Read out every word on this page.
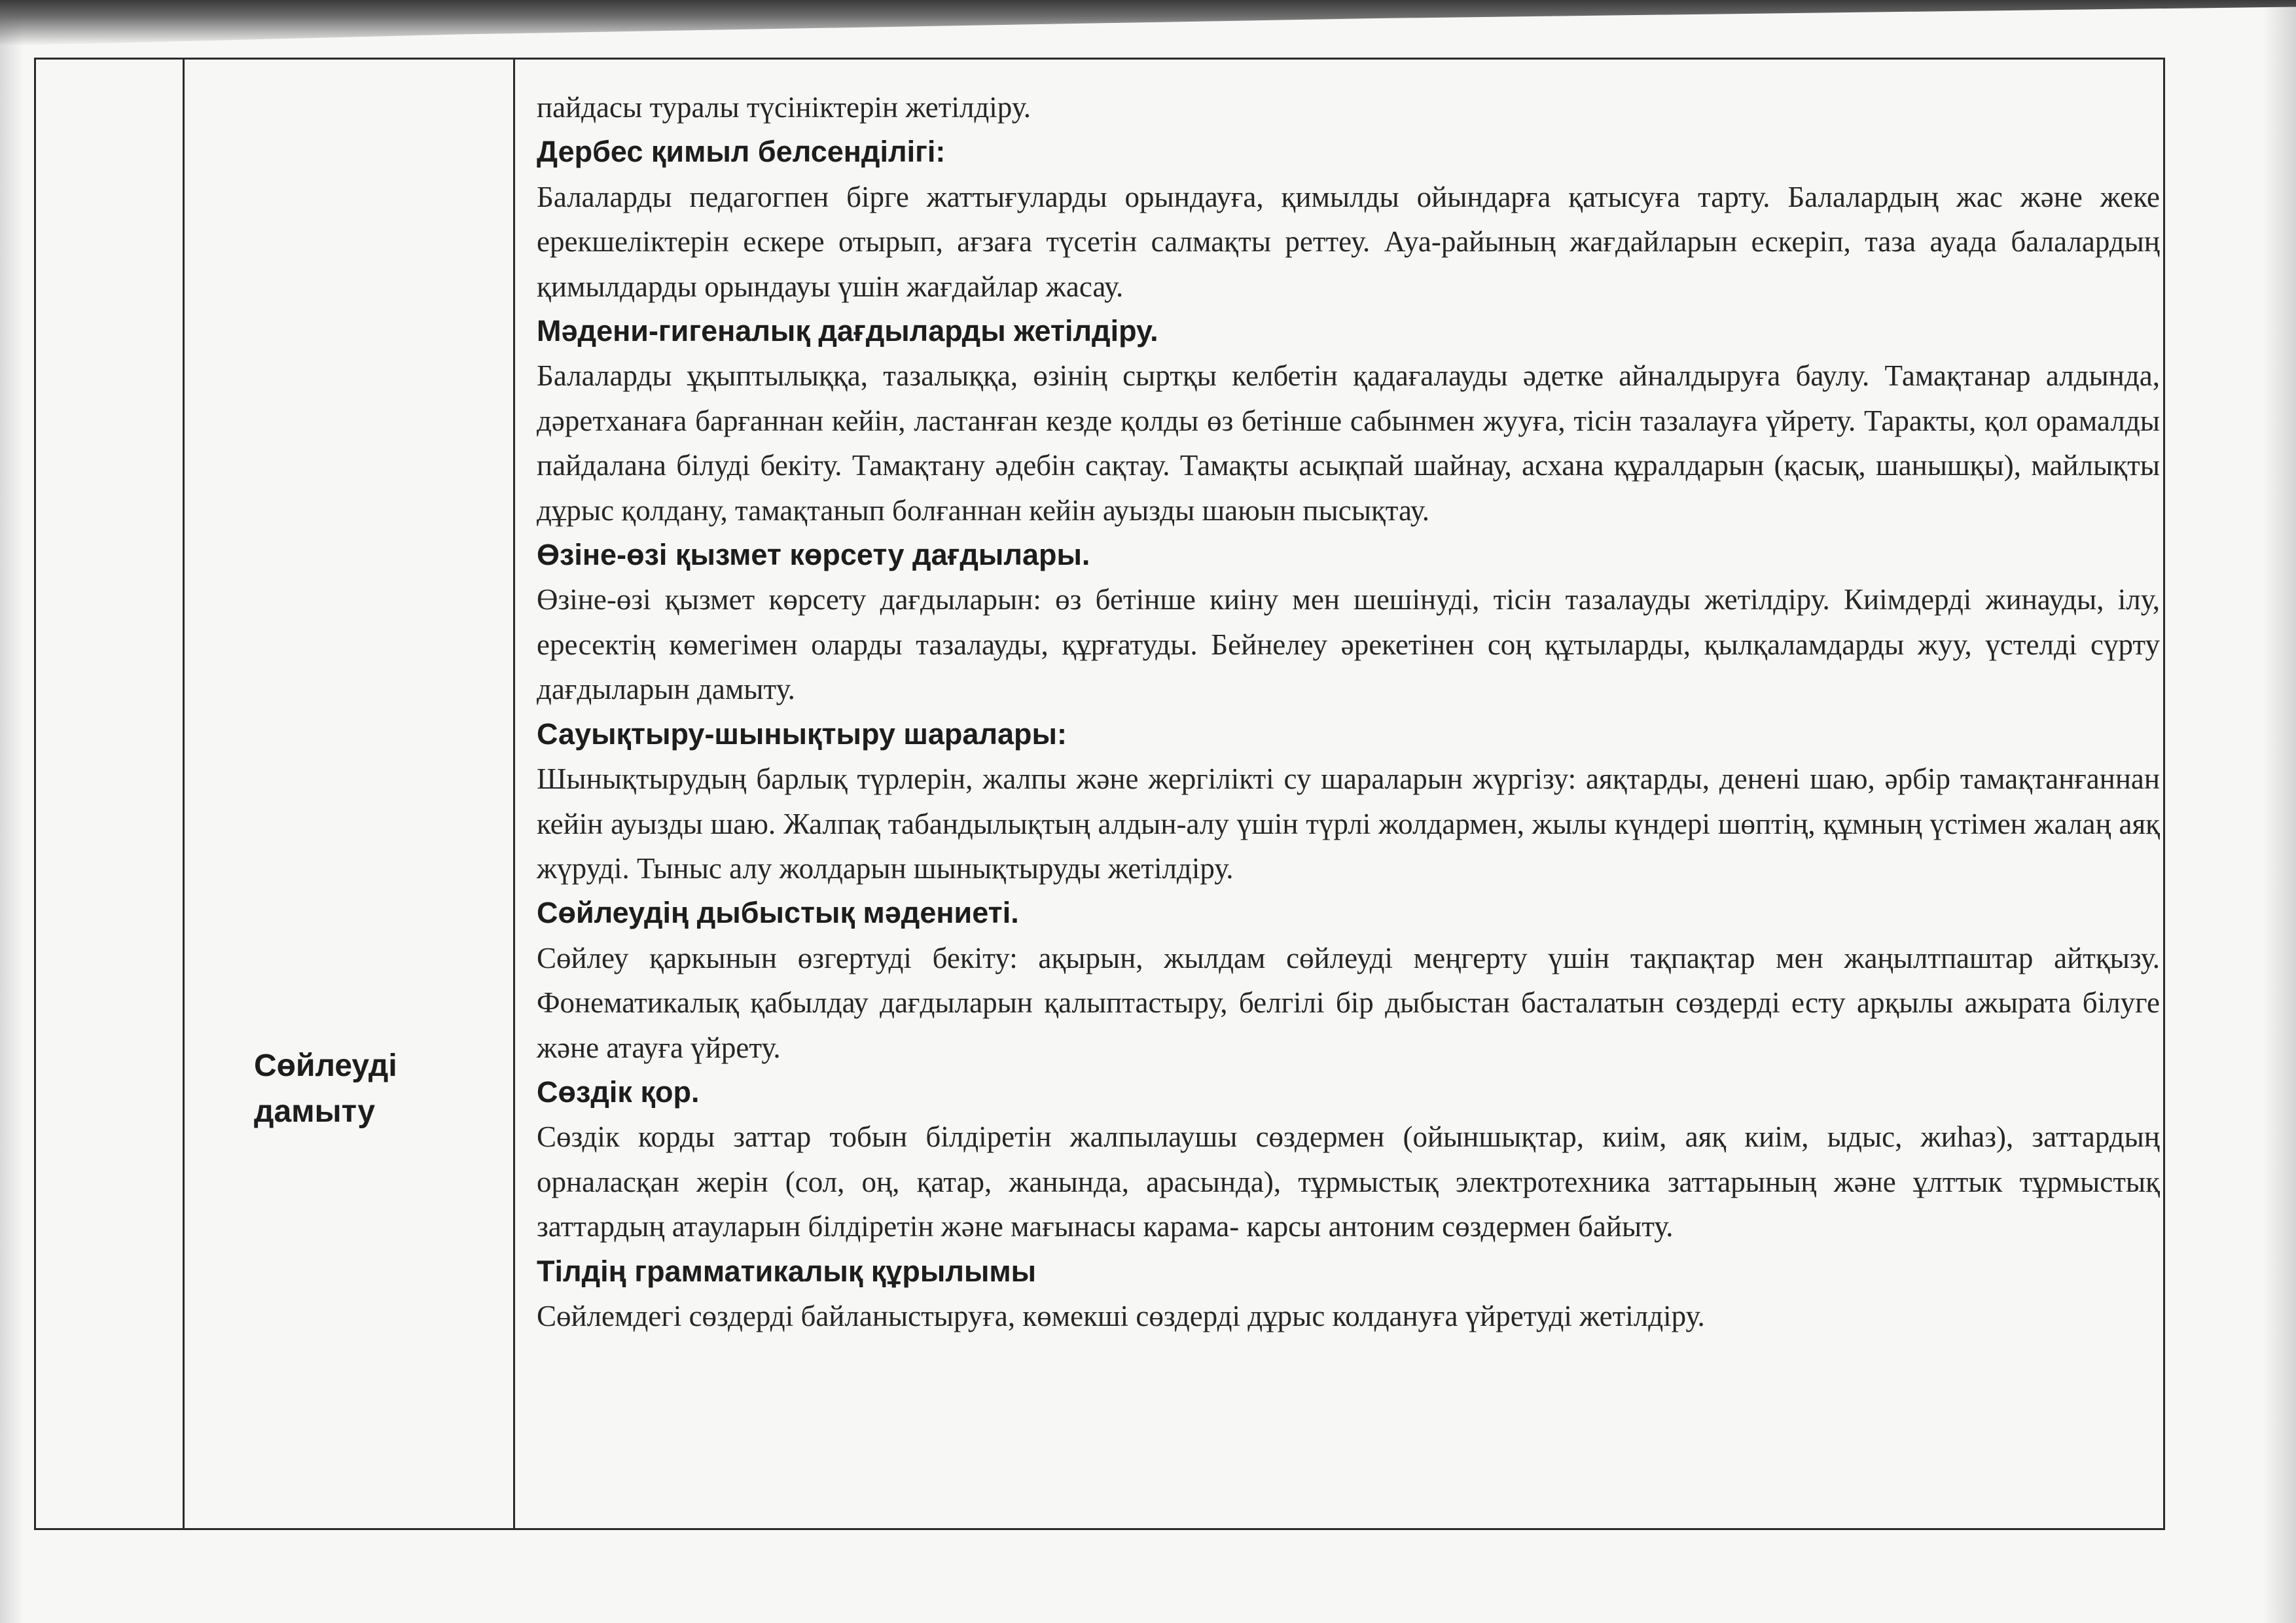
Сөйлеуді дамыту

пайдасы туралы түсініктерін жетілдіру.

Дербес қимыл белсенділігі:

Балаларды педагогпен бірге жаттығуларды орындауға, қимылды ойындарға қатысуға тарту. Балалардың жас және жеке ерекшеліктерін ескере отырып, ағзаға түсетін салмақты реттеу. Ауа-райының жағдайларын ескеріп, таза ауада балалардың қимылдарды орындауы үшін жағдайлар жасау.

Мәдени-гигеналық дағдыларды жетілдіру.

Балаларды ұқыптылыққа, тазалыққа, өзінің сыртқы келбетін қадағалауды әдетке айналдыруға баулу. Тамақтанар алдында, дәретханаға барғаннан кейін, ластанған кезде қолды өз бетінше сабынмен жууға, тісін тазалауға үйрету. Таракты, қол орамалды пайдалана білуді бекіту. Тамақтану әдебін сақтау. Тамақты асықпай шайнау, асхана құралдарын (қасық, шанышқы), майлықты дұрыс қолдану, тамақтанып болғаннан кейін ауызды шаюын пысықтау.

Өзіне-өзі қызмет көрсету дағдылары.

Өзіне-өзі қызмет көрсету дағдыларын: өз бетінше киіну мен шешінуді, тісін тазалауды жетілдіру. Киімдерді жинауды, ілу, ересектің көмегімен оларды тазалауды, құрғатуды. Бейнелеу әрекетінен соң құтыларды, қылқаламдарды жуу, үстелді сүрту дағдыларын дамыту.

Сауықтыру-шынықтыру шаралары:

Шынықтырудың барлық түрлерін, жалпы және жергілікті су шараларын жүргізу: аяқтарды, денені шаю, әрбір тамақтанғаннан кейін ауызды шаю. Жалпақ табандылықтың алдын-алу үшін түрлі жолдармен, жылы күндері шөптің, құмның үстімен жалаң аяқ жүруді. Тыныс алу жолдарын шынықтыруды жетілдіру.

Сөйлеудің дыбыстық мәдениеті.

Сөйлеу қаркынын өзгертуді бекіту: ақырын, жылдам сөйлеуді меңгерту үшін тақпақтар мен жаңылтпаштар айтқызу. Фонематикалық қабылдау дағдыларын қалыптастыру, белгілі бір дыбыстан басталатын сөздерді есту арқылы ажырата білуге және атауға үйрету.

Сөздік қор.

Сөздік корды заттар тобын білдіретін жалпылаушы сөздермен (ойыншықтар, киім, аяқ киім, ыдыс, жиһаз), заттардың орналасқан жерін (сол, оң, қатар, жанында, арасында), тұрмыстық электротехника заттарының және ұлттык тұрмыстық заттардың атауларын білдіретін және мағынасы карама- карсы антоним сөздермен байыту.

Тілдің грамматикалық құрылымы

Сөйлемдегі сөздерді байланыстыруға, көмекші сөздерді дұрыс колдануға үйретуді жетілдіру.
